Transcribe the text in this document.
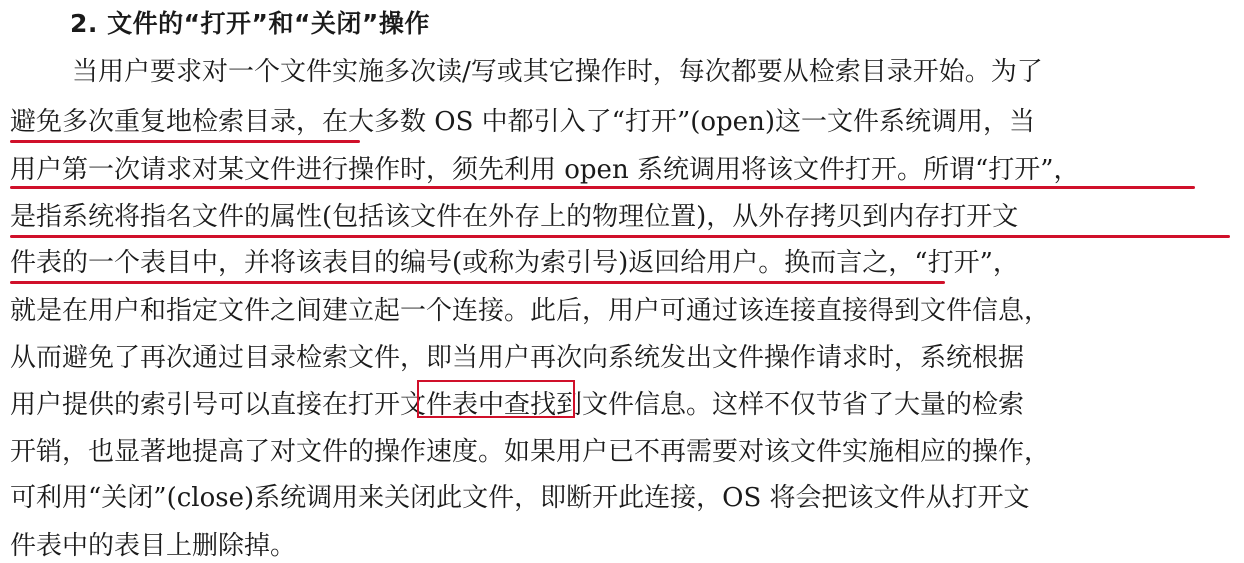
2. 文件的“打开”和“关闭”操作
当用户要求对一个文件实施多次读/写或其它操作时，每次都要从检索目录开始。为了
避免多次重复地检索目录，在大多数 OS 中都引入了“打开”(open)这一文件系统调用，当
用户第一次请求对某文件进行操作时，须先利用 open 系统调用将该文件打开。所谓“打开”，
是指系统将指名文件的属性(包括该文件在外存上的物理位置)，从外存拷贝到内存打开文
件表的一个表目中，并将该表目的编号(或称为索引号)返回给用户。换而言之，“打开”，
就是在用户和指定文件之间建立起一个连接。此后，用户可通过该连接直接得到文件信息，
从而避免了再次通过目录检索文件，即当用户再次向系统发出文件操作请求时，系统根据
用户提供的索引号可以直接在打开文件表中查找到文件信息。这样不仅节省了大量的检索
开销，也显著地提高了对文件的操作速度。如果用户已不再需要对该文件实施相应的操作，
可利用“关闭”(close)系统调用来关闭此文件，即断开此连接，OS 将会把该文件从打开文
件表中的表目上删除掉。
